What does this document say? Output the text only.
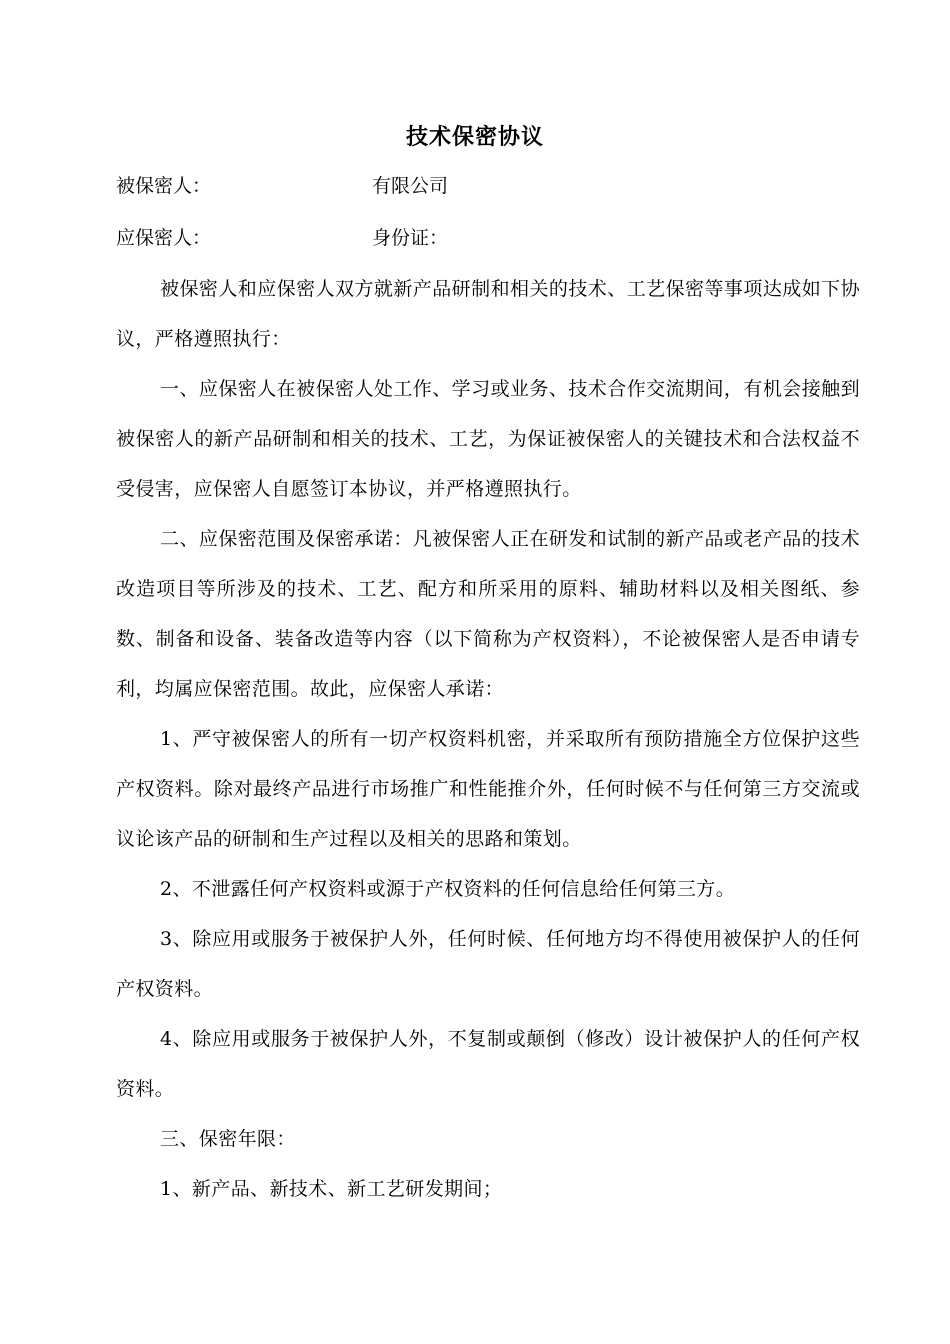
技术保密协议
被保密人：	有限公司
应保密人：	身份证：

被保密人和应保密人双方就新产品研制和相关的技术、工艺保密等事项达成如下协议，严格遵照执行：

一、应保密人在被保密人处工作、学习或业务、技术合作交流期间，有机会接触到被保密人的新产品研制和相关的技术、工艺，为保证被保密人的关键技术和合法权益不受侵害，应保密人自愿签订本协议，并严格遵照执行。

二、应保密范围及保密承诺：凡被保密人正在研发和试制的新产品或老产品的技术改造项目等所涉及的技术、工艺、配方和所采用的原料、辅助材料以及相关图纸、参数、制备和设备、装备改造等内容（以下简称为产权资料），不论被保密人是否申请专利，均属应保密范围。故此，应保密人承诺：

1、严守被保密人的所有一切产权资料机密，并采取所有预防措施全方位保护这些产权资料。除对最终产品进行市场推广和性能推介外，任何时候不与任何第三方交流或议论该产品的研制和生产过程以及相关的思路和策划。

2、不泄露任何产权资料或源于产权资料的任何信息给任何第三方。

3、除应用或服务于被保护人外，任何时候、任何地方均不得使用被保护人的任何产权资料。

4、除应用或服务于被保护人外，不复制或颠倒（修改）设计被保护人的任何产权资料。

三、保密年限：

1、新产品、新技术、新工艺研发期间；
